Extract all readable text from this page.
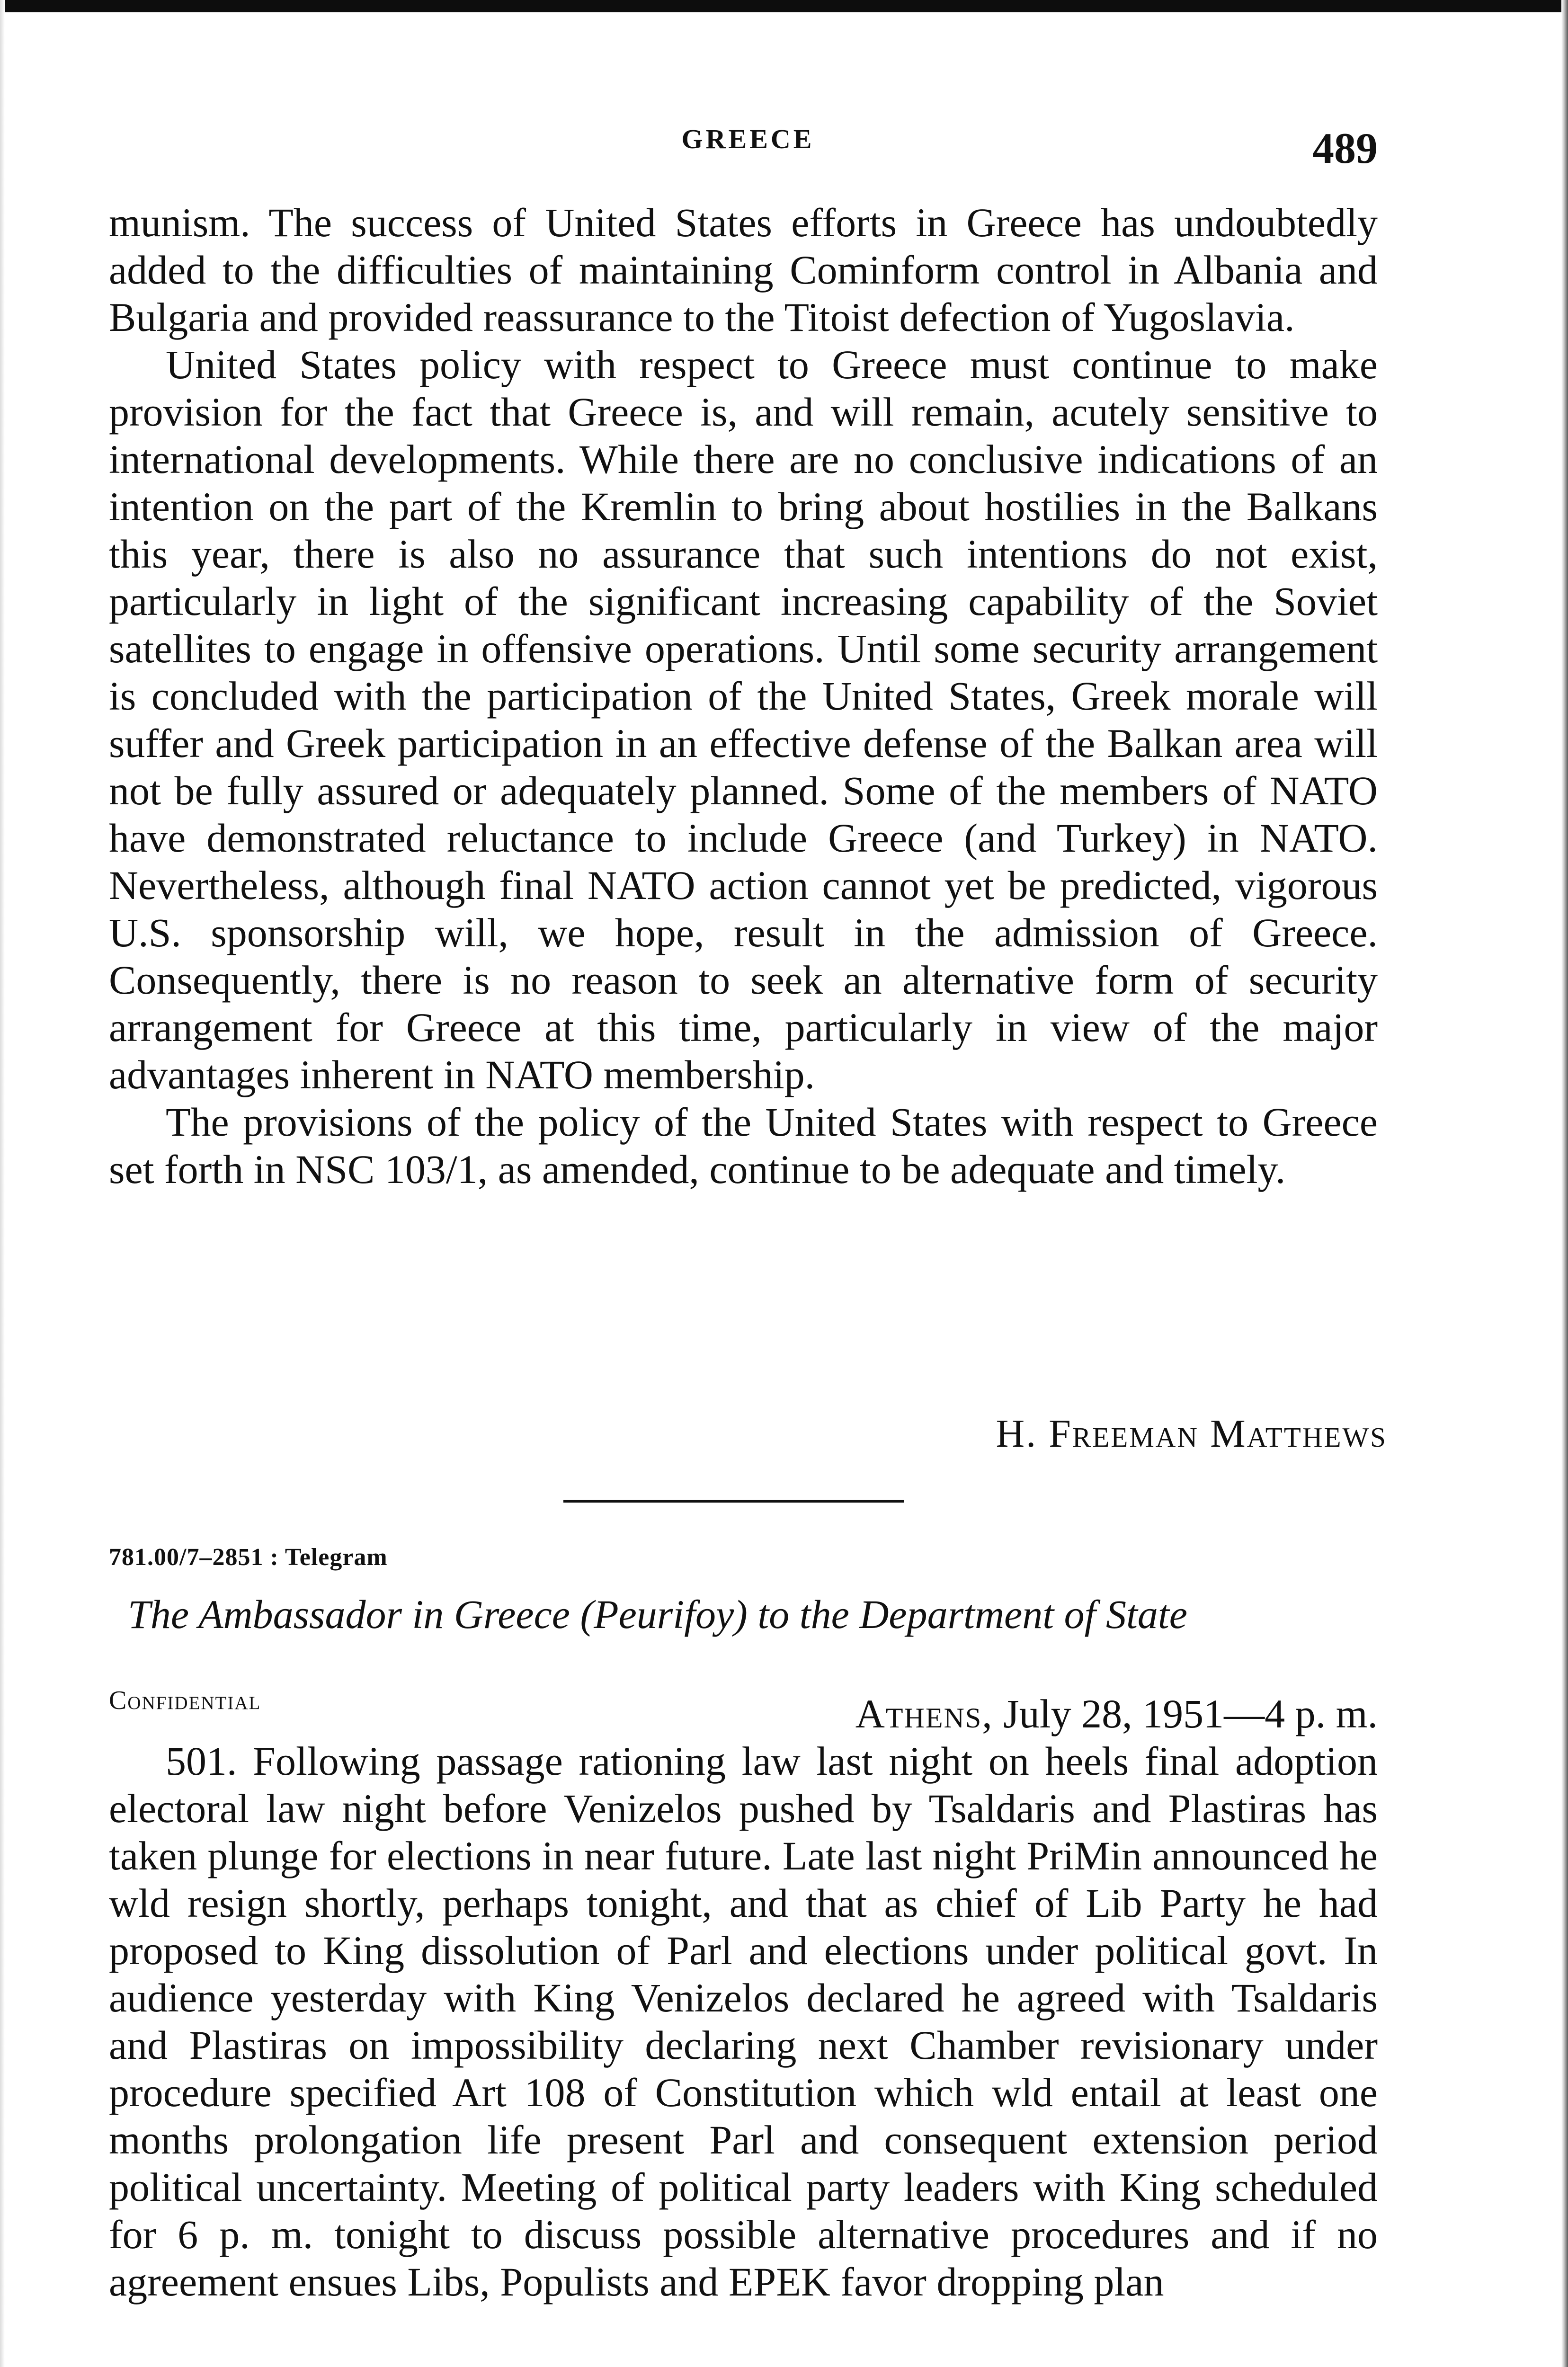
GREECE	489

munism. The success of United States efforts in Greece has undoubtedly added to the difficulties of maintaining Cominform control in Albania and Bulgaria and provided reassurance to the Titoist defection of Yugoslavia.

United States policy with respect to Greece must continue to make provision for the fact that Greece is, and will remain, acutely sensitive to international developments. While there are no conclusive indications of an intention on the part of the Kremlin to bring about hostilies in the Balkans this year, there is also no assurance that such intentions do not exist, particularly in light of the significant increasing capability of the Soviet satellites to engage in offensive operations. Until some security arrangement is concluded with the participation of the United States, Greek morale will suffer and Greek participation in an effective defense of the Balkan area will not be fully assured or adequately planned. Some of the members of NATO have demonstrated reluctance to include Greece (and Turkey) in NATO. Nevertheless, although final NATO action cannot yet be predicted, vigorous U.S. sponsorship will, we hope, result in the admission of Greece. Consequently, there is no reason to seek an alternative form of security arrangement for Greece at this time, particularly in view of the major advantages inherent in NATO membership.

The provisions of the policy of the United States with respect to Greece set forth in NSC 103/1, as amended, continue to be adequate and timely.

H. Freeman Matthews
781.00/7–2851 : Telegram
The Ambassador in Greece (Peurifoy) to the Department of State
Confidential	Athens, July 28, 1951—4 p. m.

501. Following passage rationing law last night on heels final adoption electoral law night before Venizelos pushed by Tsaldaris and Plastiras has taken plunge for elections in near future. Late last night PriMin announced he wld resign shortly, perhaps tonight, and that as chief of Lib Party he had proposed to King dissolution of Parl and elections under political govt. In audience yesterday with King Venizelos declared he agreed with Tsaldaris and Plastiras on impossibility declaring next Chamber revisionary under procedure specified Art 108 of Constitution which wld entail at least one months prolongation life present Parl and consequent extension period political uncertainty. Meeting of political party leaders with King scheduled for 6 p. m. tonight to discuss possible alternative procedures and if no agreement ensues Libs, Populists and EPEK favor dropping plan
